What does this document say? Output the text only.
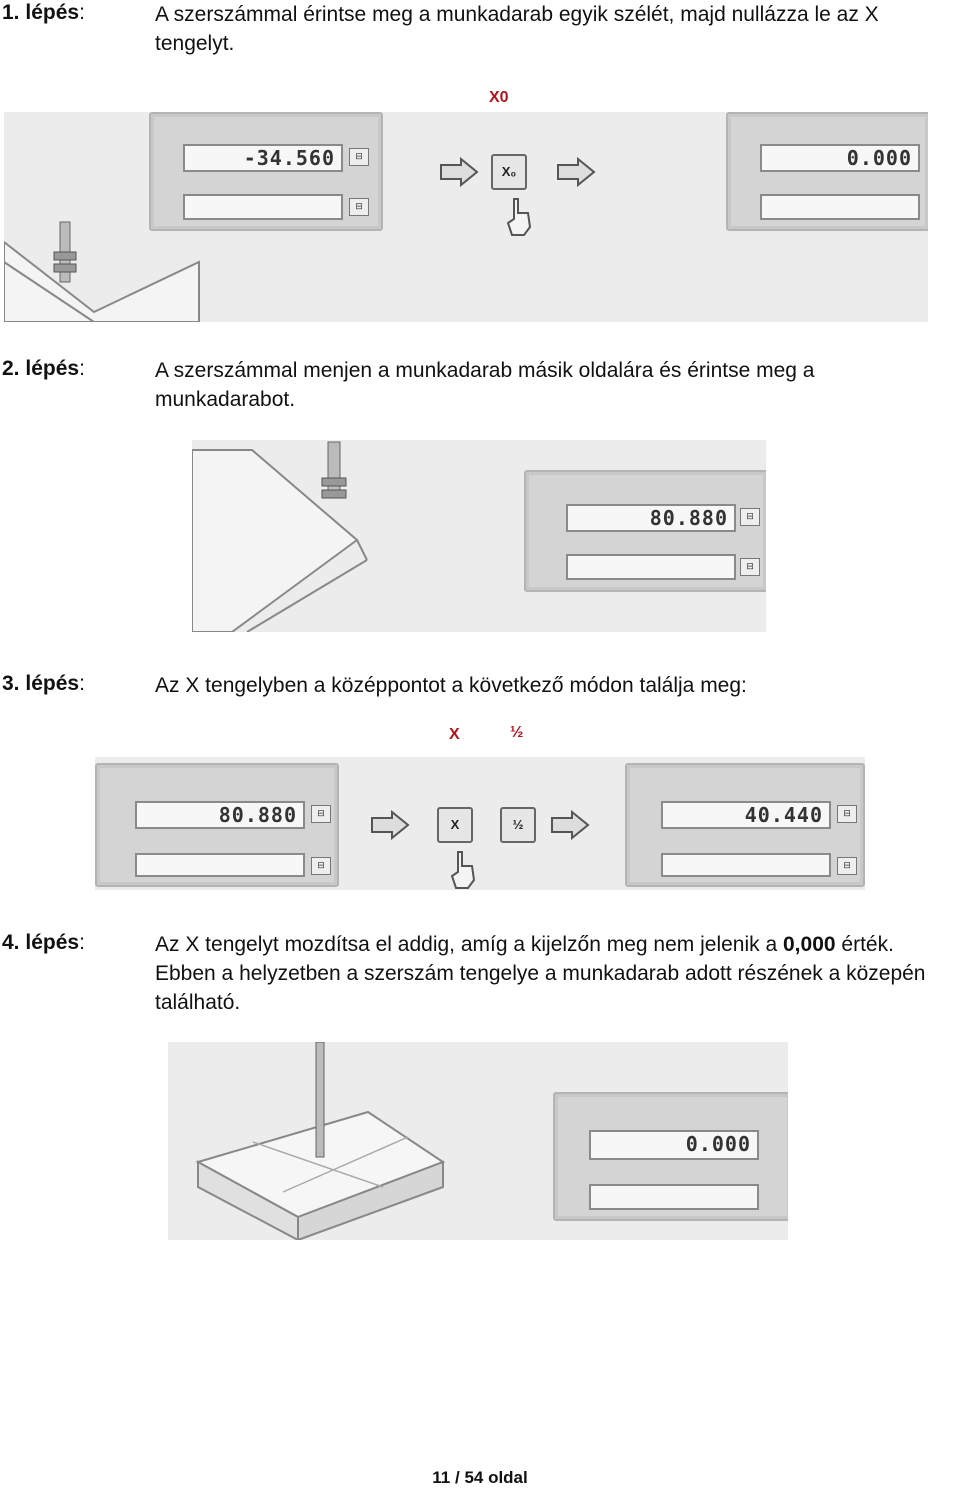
1. lépés:	A szerszámmal érintse meg a munkadarab egyik szélét, majd nullázza le az X tengelyt.
X0
-34.560	⊟
⊟
X₀
0.000
2. lépés:	A szerszámmal menjen a munkadarab másik oldalára és érintse meg a munkadarabot.
80.880	⊟
⊟
3. lépés:	Az X tengelyben a középpontot a következő módon találja meg:
X	½
80.880	⊟
⊟
X	½	40.440	⊟
⊟
4. lépés:	Az X tengelyt mozdítsa el addig, amíg a kijelzőn meg nem jelenik a 0,000 érték. Ebben a helyzetben a szerszám tengelye a munkadarab adott részének a közepén található.
0.000
11 / 54 oldal
